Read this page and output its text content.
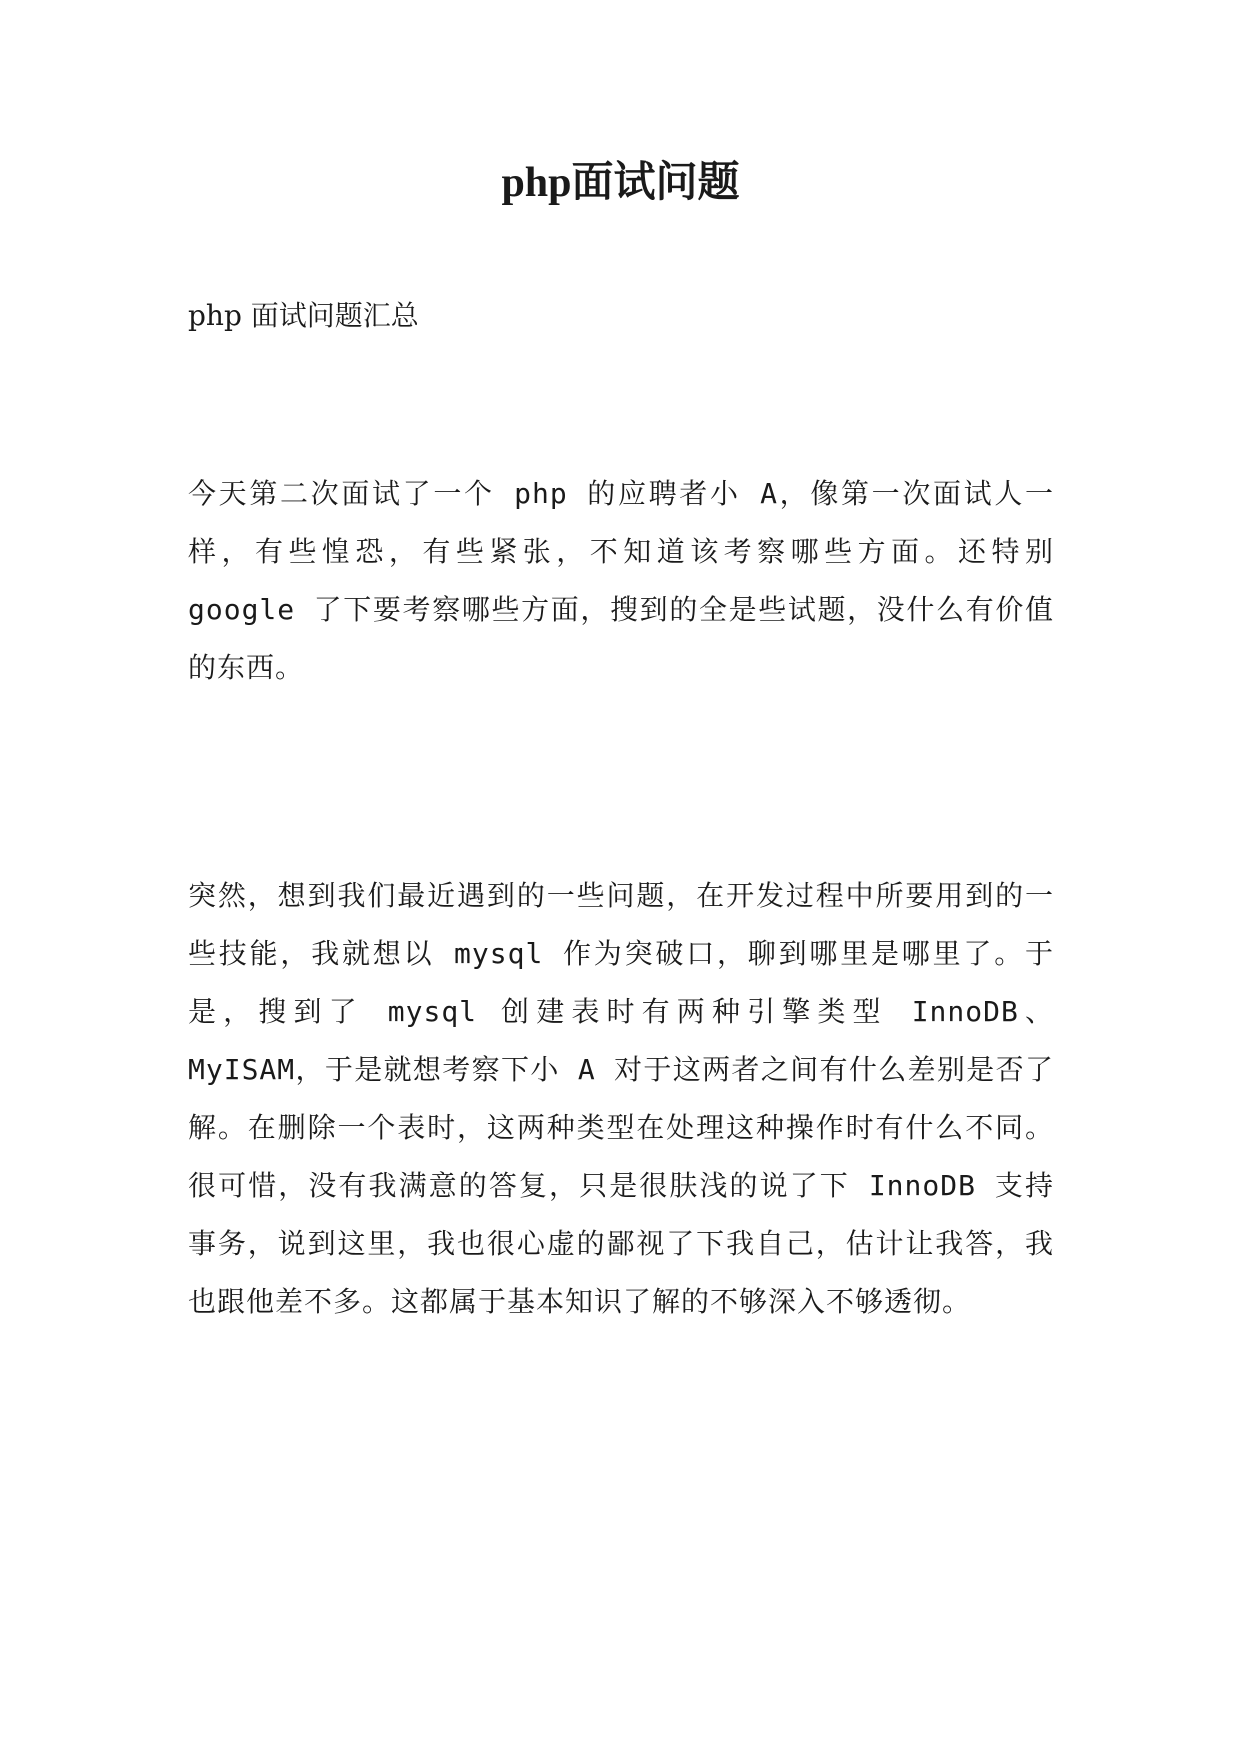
php面试问题

php 面试问题汇总

今天第二次面试了一个 php 的应聘者小 A，像第一次面试人一样，有些惶恐，有些紧张，不知道该考察哪些方面。还特别 google 了下要考察哪些方面，搜到的全是些试题，没什么有价值的东西。

突然，想到我们最近遇到的一些问题，在开发过程中所要用到的一些技能，我就想以 mysql 作为突破口，聊到哪里是哪里了。于是，搜到了 mysql 创建表时有两种引擎类型 InnoDB、MyISAM，于是就想考察下小 A 对于这两者之间有什么差别是否了解。在删除一个表时，这两种类型在处理这种操作时有什么不同。很可惜，没有我满意的答复，只是很肤浅的说了下 InnoDB 支持事务，说到这里，我也很心虚的鄙视了下我自己，估计让我答，我也跟他差不多。这都属于基本知识了解的不够深入不够透彻。
